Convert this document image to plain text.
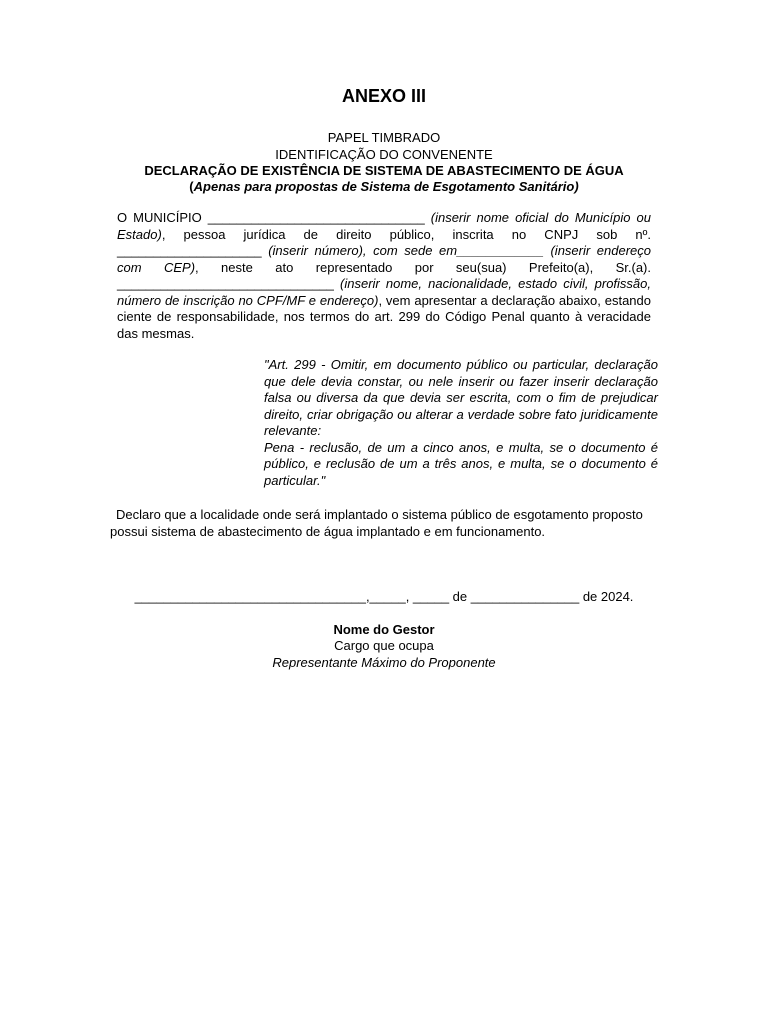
ANEXO III
PAPEL TIMBRADO
IDENTIFICAÇÃO DO CONVENENTE
DECLARAÇÃO DE EXISTÊNCIA DE SISTEMA DE ABASTECIMENTO DE ÁGUA
(Apenas para propostas de Sistema de Esgotamento Sanitário)
O MUNICÍPIO ______________________________ (inserir nome oficial do Município ou Estado), pessoa jurídica de direito público, inscrita no CNPJ sob nº. ____________________ (inserir número), com sede em____________ (inserir endereço com CEP), neste ato representado por seu(sua) Prefeito(a), Sr.(a). ______________________________ (inserir nome, nacionalidade, estado civil, profissão, número de inscrição no CPF/MF e endereço), vem apresentar a declaração abaixo, estando ciente de responsabilidade, nos termos do art. 299 do Código Penal quanto à veracidade das mesmas.
"Art. 299 - Omitir, em documento público ou particular, declaração que dele devia constar, ou nele inserir ou fazer inserir declaração falsa ou diversa da que devia ser escrita, com o fim de prejudicar direito, criar obrigação ou alterar a verdade sobre fato juridicamente relevante:
Pena - reclusão, de um a cinco anos, e multa, se o documento é público, e reclusão de um a três anos, e multa, se o documento é particular."
Declaro que a localidade onde será implantado o sistema público de esgotamento proposto possui sistema de abastecimento de água implantado e em funcionamento.
________________________________,_____, _____ de _______________ de 2024.
Nome do Gestor
Cargo que ocupa
Representante Máximo do Proponente
